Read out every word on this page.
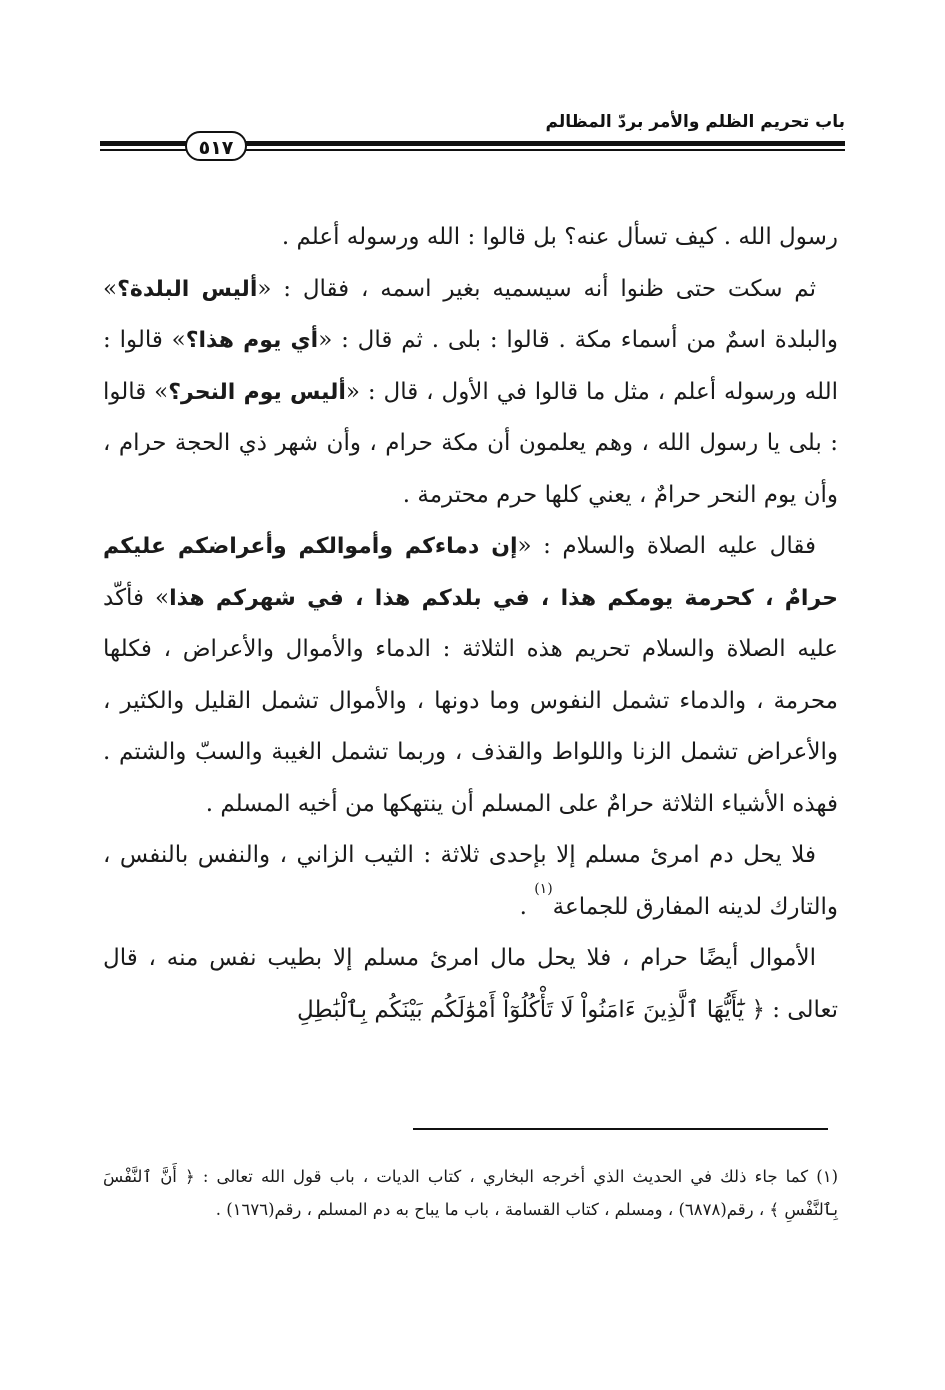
باب تحريم الظلم والأمر بردّ المظالم
٥١٧

رسول الله . كيف تسأل عنه؟ بل قالوا : الله ورسوله أعلم .

ثم سكت حتى ظنوا أنه سيسميه بغير اسمه ، فقال : «أليس البلدة؟» والبلدة اسمٌ من أسماء مكة . قالوا : بلى . ثم قال : «أي يوم هذا؟» قالوا : الله ورسوله أعلم ، مثل ما قالوا في الأول ، قال : «أليس يوم النحر؟» قالوا : بلى يا رسول الله ، وهم يعلمون أن مكة حرام ، وأن شهر ذي الحجة حرام ، وأن يوم النحر حرامٌ ، يعني كلها حرم محترمة .

فقال عليه الصلاة والسلام : «إن دماءكم وأموالكم وأعراضكم عليكم حرامٌ ، كحرمة يومكم هذا ، في بلدكم هذا ، في شهركم هذا» فأكّد عليه الصلاة والسلام تحريم هذه الثلاثة : الدماء والأموال والأعراض ، فكلها محرمة ، والدماء تشمل النفوس وما دونها ، والأموال تشمل القليل والكثير ، والأعراض تشمل الزنا واللواط والقذف ، وربما تشمل الغيبة والسبّ والشتم . فهذه الأشياء الثلاثة حرامٌ على المسلم أن ينتهكها من أخيه المسلم .

فلا يحل دم امرئ مسلم إلا بإحدى ثلاثة : الثيب الزاني ، والنفس بالنفس ، والتارك لدينه المفارق للجماعة$^{(١)}$ .

الأموال أيضًا حرام ، فلا يحل مال امرئ مسلم إلا بطيب نفس منه ، قال تعالى : ﴿ يَٰٓأَيُّهَا ٱلَّذِينَ ءَامَنُواْ لَا تَأْكُلُوٓاْ أَمْوَٰلَكُم بَيْنَكُم بِٱلْبَٰطِلِ

(١) كما جاء ذلك في الحديث الذي أخرجه البخاري ، كتاب الديات ، باب قول الله تعالى : ﴿ أَنَّ ٱلنَّفْسَ بِٱلنَّفْسِ ﴾ ، رقم(٦٨٧٨) ، ومسلم ، كتاب القسامة ، باب ما يباح به دم المسلم ، رقم(١٦٧٦) .
